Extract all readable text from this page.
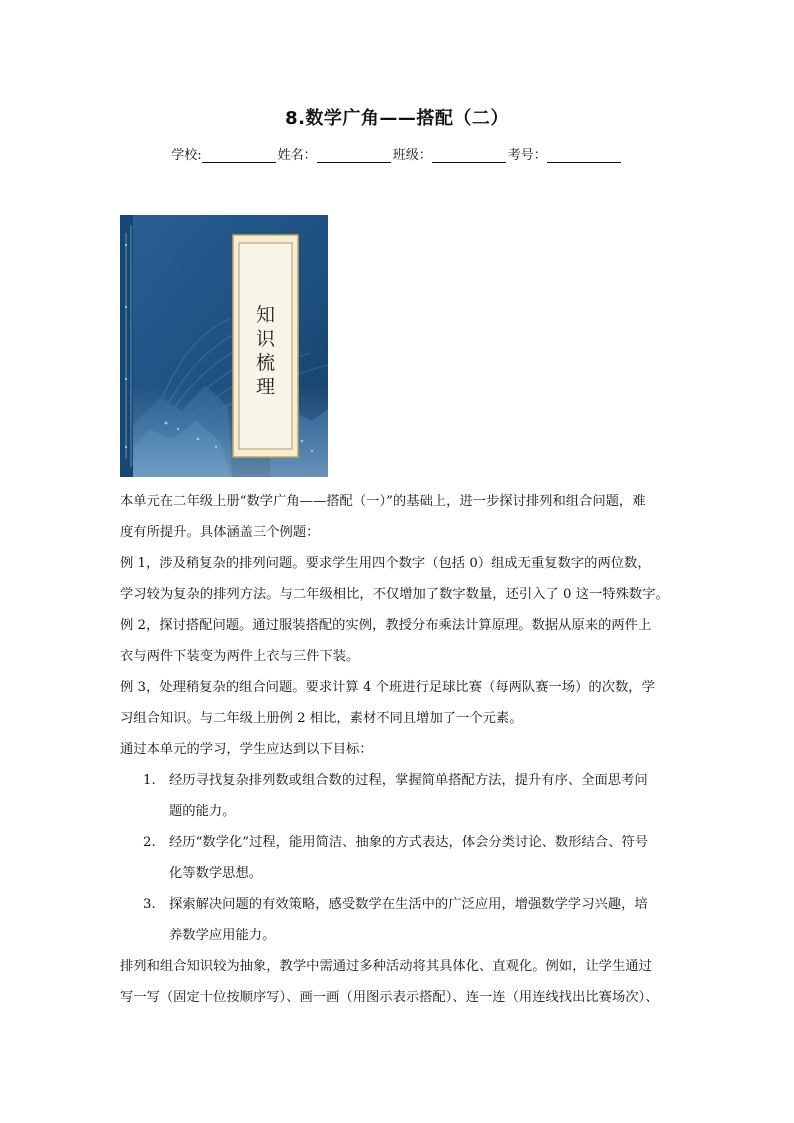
8.数学广角——搭配（二）
学校:	姓名：	班级：	考号：
知
识
梳
理

本单元在二年级上册“数学广角——搭配（一）”的基础上，进一步探讨排列和组合问题，难

度有所提升。具体涵盖三个例题：

例 1，涉及稍复杂的排列问题。要求学生用四个数字（包括 0）组成无重复数字的两位数，

学习较为复杂的排列方法。与二年级相比，不仅增加了数字数量，还引入了 0 这一特殊数字。

例 2，探讨搭配问题。通过服装搭配的实例，教授分布乘法计算原理。数据从原来的两件上

衣与两件下装变为两件上衣与三件下装。

例 3，处理稍复杂的组合问题。要求计算 4 个班进行足球比赛（每两队赛一场）的次数，学

习组合知识。与二年级上册例 2 相比，素材不同且增加了一个元素。

通过本单元的学习，学生应达到以下目标：

1. 经历寻找复杂排列数或组合数的过程，掌握简单搭配方法，提升有序、全面思考问
题的能力。
2. 经历“数学化”过程，能用简洁、抽象的方式表达，体会分类讨论、数形结合、符号
化等数学思想。
3. 探索解决问题的有效策略，感受数学在生活中的广泛应用，增强数学学习兴趣，培
养数学应用能力。

排列和组合知识较为抽象，教学中需通过多种活动将其具体化、直观化。例如，让学生通过

写一写（固定十位按顺序写）、画一画（用图示表示搭配）、连一连（用连线找出比赛场次）、
